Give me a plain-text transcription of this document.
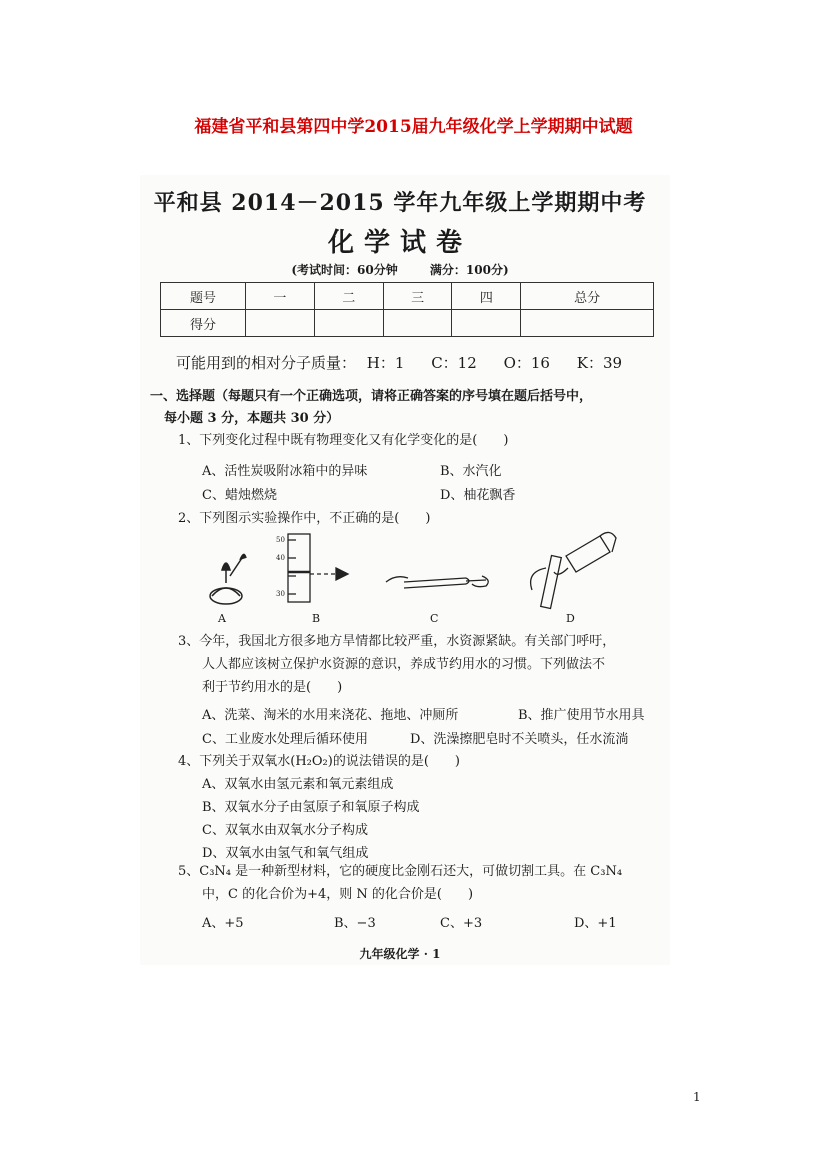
福建省平和县第四中学2015届九年级化学上学期期中试题
平和县 2014－2015 学年九年级上学期期中考
化学试卷
(考试时间：60分钟	满分：100分)
题号	一	二	三	四	总分
得分					
可能用到的相对分子质量： H：1 C：12 O：16 K：39
一、选择题（每题只有一个正确选项，请将正确答案的序号填在题后括号中，
每小题 3 分，本题共 30 分）
1、下列变化过程中既有物理变化又有化学变化的是(　　)
A、活性炭吸附冰箱中的异味	B、水汽化
C、蜡烛燃烧	D、柚花飘香
2、下列图示实验操作中，不正确的是(　　)
50
40
30
A	B	C	D
3、今年，我国北方很多地方旱情都比较严重，水资源紧缺。有关部门呼吁，
人人都应该树立保护水资源的意识，养成节约用水的习惯。下列做法不
利于节约用水的是(　　)
A、洗菜、淘米的水用来浇花、拖地、冲厕所	B、推广使用节水用具
C、工业废水处理后循环使用	D、洗澡擦肥皂时不关喷头，任水流淌
4、下列关于双氧水(H₂O₂)的说法错误的是(　　)
A、双氧水由氢元素和氧元素组成
B、双氧水分子由氢原子和氧原子构成
C、双氧水由双氧水分子构成
D、双氧水由氢气和氧气组成
5、C₃N₄ 是一种新型材料，它的硬度比金刚石还大，可做切割工具。在 C₃N₄
中，C 的化合价为+4，则 N 的化合价是(　　)
A、+5	B、−3	C、+3	D、+1
九年级化学 · 1
1
